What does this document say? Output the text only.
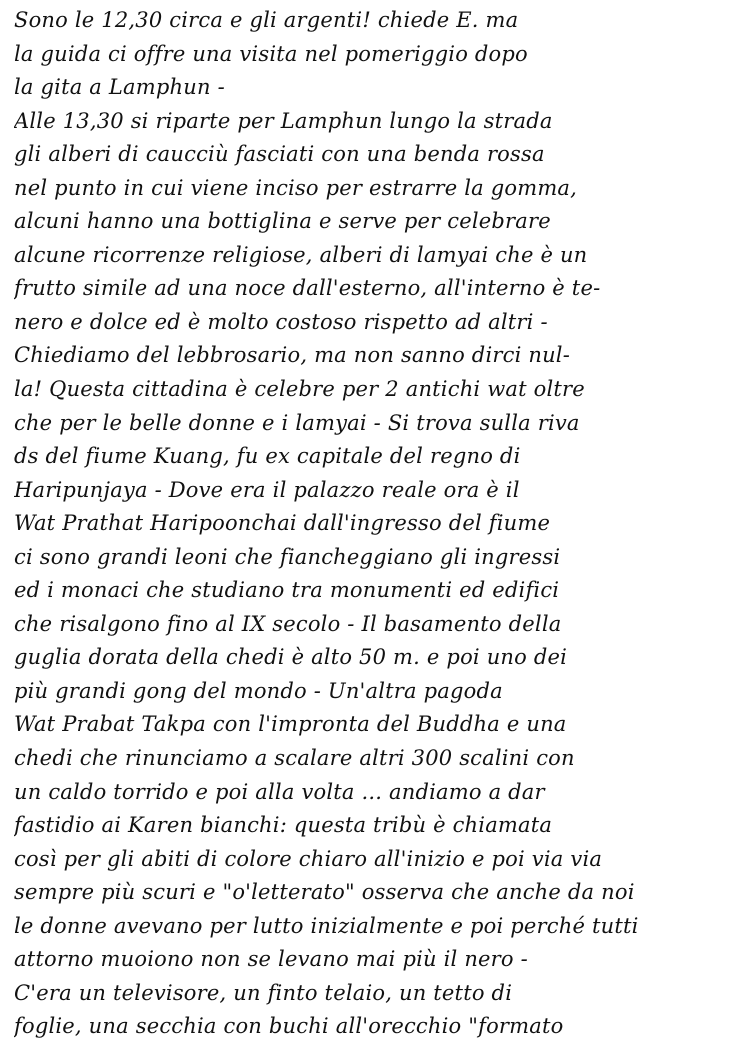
Sono le 12,30 circa e gli argenti! chiede E. ma
la guida ci offre una visita nel pomeriggio dopo
la gita a Lamphun -
Alle 13,30 si riparte per Lamphun lungo la strada
gli alberi di caucciù fasciati con una benda rossa
nel punto in cui viene inciso per estrarre la gomma,
alcuni hanno una bottiglina e serve per celebrare
alcune ricorrenze religiose, alberi di lamyai che è un
frutto simile ad una noce dall'esterno, all'interno è te-
nero e dolce ed è molto costoso rispetto ad altri -
Chiediamo del lebbrosario, ma non sanno dirci nul-
la! Questa cittadina è celebre per 2 antichi wat oltre
che per le belle donne e i lamyai - Si trova sulla riva
ds del fiume Kuang, fu ex capitale del regno di
Haripunjaya - Dove era il palazzo reale ora è il
Wat Prathat Haripoonchai dall'ingresso del fiume
ci sono grandi leoni che fiancheggiano gli ingressi
ed i monaci che studiano tra monumenti ed edifici
che risalgono fino al IX secolo - Il basamento della
guglia dorata della chedi è alto 50 m. e poi uno dei
più grandi gong del mondo - Un'altra pagoda
Wat Prabat Takpa con l'impronta del Buddha e una
chedi che rinunciamo a scalare altri 300 scalini con
un caldo torrido e poi alla volta ... andiamo a dar
fastidio ai Karen bianchi: questa tribù è chiamata
così per gli abiti di colore chiaro all'inizio e poi via via
sempre più scuri e "o'letterato" osserva che anche da noi
le donne avevano per lutto inizialmente e poi perché tutti
attorno muoiono non se levano mai più il nero -
C'era un televisore, un finto telaio, un tetto di
foglie, una secchia con buchi all'orecchio "formato
